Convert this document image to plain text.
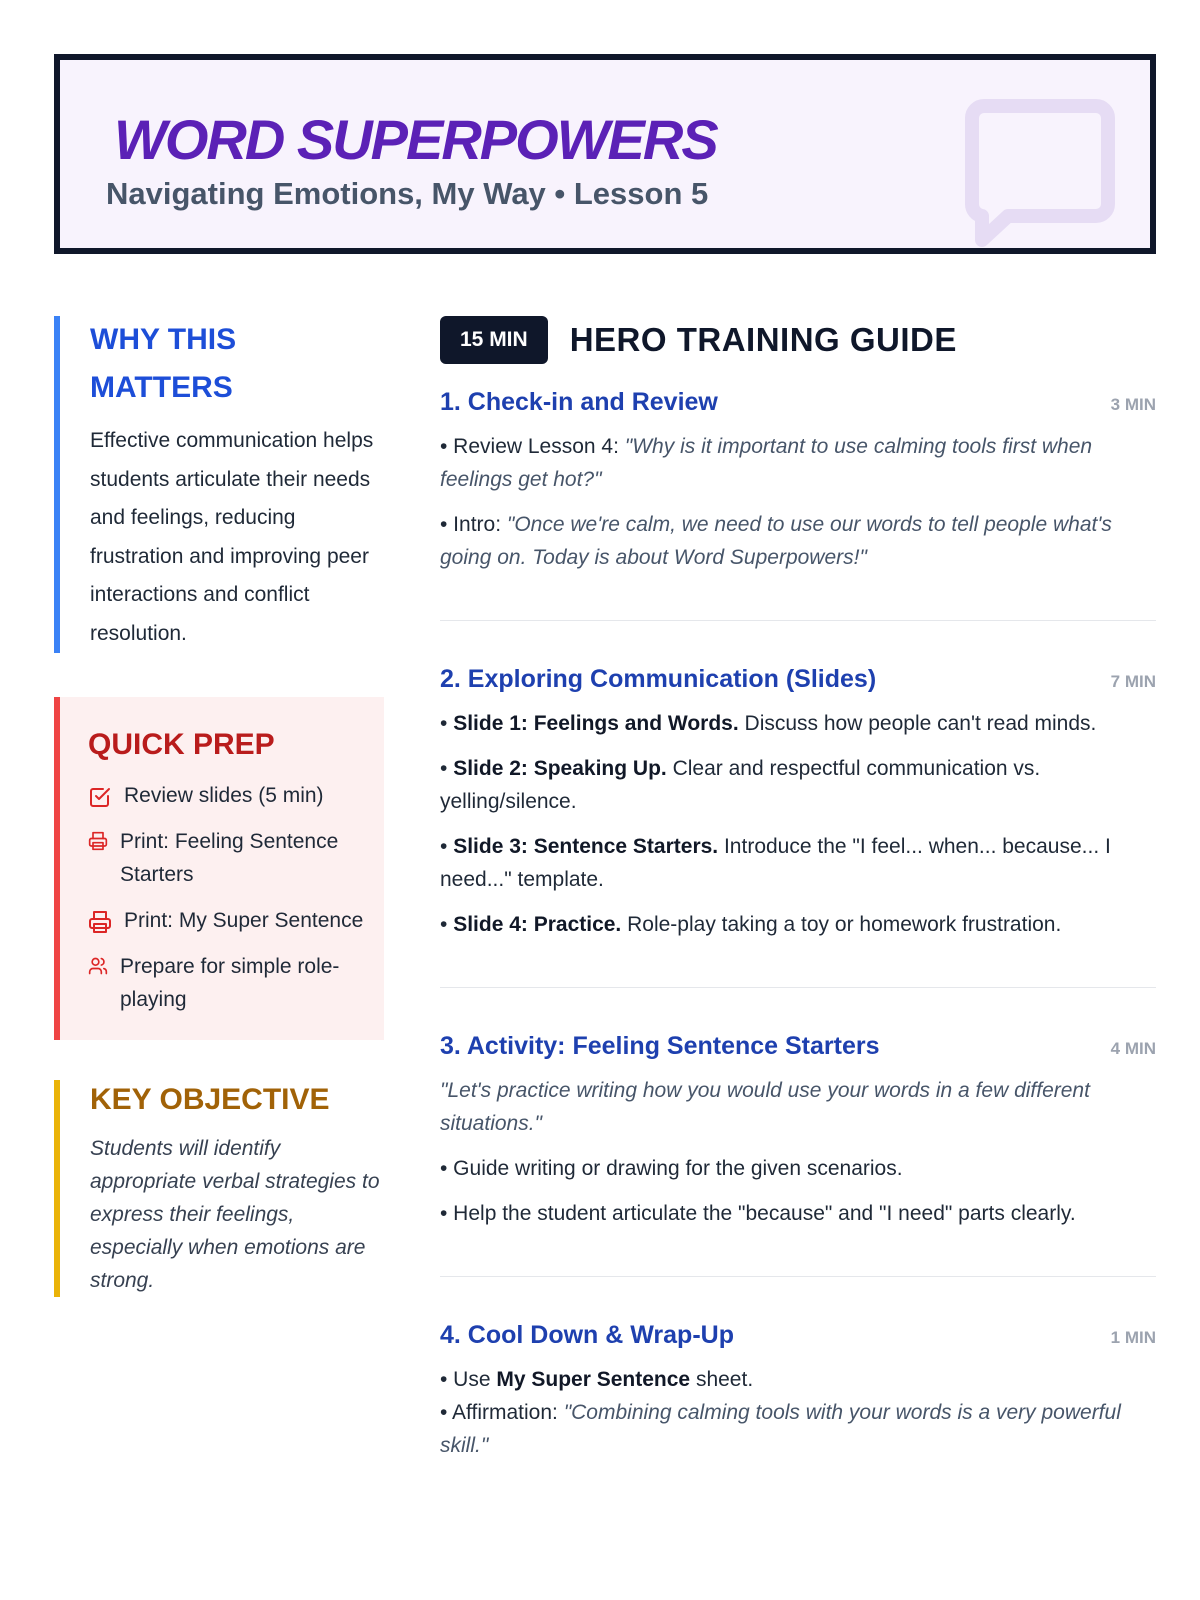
WORD SUPERPOWERS

Navigating Emotions, My Way • Lesson 5

WHY THIS MATTERS

Effective communication helps students articulate their needs and feelings, reducing frustration and improving peer interactions and conflict resolution.

QUICK PREP
Review slides (5 min)
Print: Feeling Sentence Starters
Print: My Super Sentence
Prepare for simple role-playing
KEY OBJECTIVE

Students will identify appropriate verbal strategies to express their feelings, especially when emotions are strong.

15 MIN	HERO TRAINING GUIDE
1. Check-in and Review	3 MIN

• Review Lesson 4: "Why is it important to use calming tools first when feelings get hot?"

• Intro: "Once we're calm, we need to use our words to tell people what's going on. Today is about Word Superpowers!"

2. Exploring Communication (Slides)	7 MIN

• Slide 1: Feelings and Words. Discuss how people can't read minds.

• Slide 2: Speaking Up. Clear and respectful communication vs. yelling/silence.

• Slide 3: Sentence Starters. Introduce the "I feel... when... because... I need..." template.

• Slide 4: Practice. Role-play taking a toy or homework frustration.

3. Activity: Feeling Sentence Starters	4 MIN

"Let's practice writing how you would use your words in a few different situations."

• Guide writing or drawing for the given scenarios.

• Help the student articulate the "because" and "I need" parts clearly.

4. Cool Down & Wrap-Up	1 MIN

• Use My Super Sentence sheet.

• Affirmation: "Combining calming tools with your words is a very powerful skill."
